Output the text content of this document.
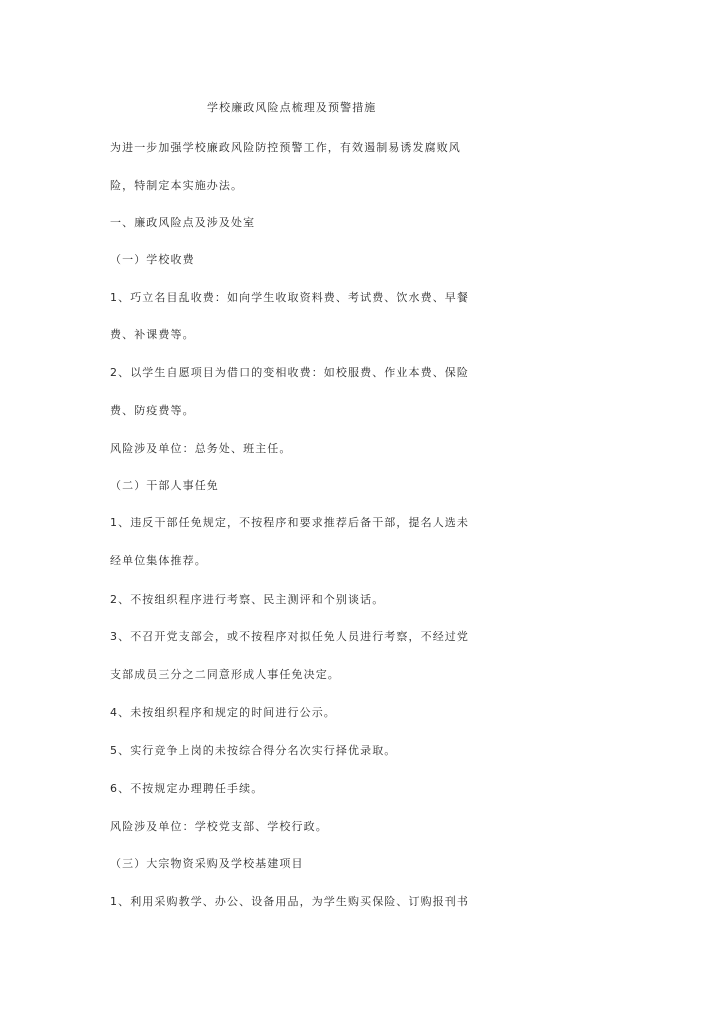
学校廉政风险点梳理及预警措施
为进一步加强学校廉政风险防控预警工作，有效遏制易诱发腐败风
险，特制定本实施办法。
一、廉政风险点及涉及处室
（一）学校收费
1、巧立名目乱收费：如向学生收取资料费、考试费、饮水费、早餐
费、补课费等。
2、以学生自愿项目为借口的变相收费：如校服费、作业本费、保险
费、防疫费等。
风险涉及单位：总务处、班主任。
（二）干部人事任免
1、违反干部任免规定，不按程序和要求推荐后备干部，提名人选未
经单位集体推荐。
2、不按组织程序进行考察、民主测评和个别谈话。
3、不召开党支部会，或不按程序对拟任免人员进行考察，不经过党
支部成员三分之二同意形成人事任免决定。
4、未按组织程序和规定的时间进行公示。
5、实行竞争上岗的未按综合得分名次实行择优录取。
6、不按规定办理聘任手续。
风险涉及单位：学校党支部、学校行政。
（三）大宗物资采购及学校基建项目
1、利用采购教学、办公、设备用品，为学生购买保险、订购报刊书
